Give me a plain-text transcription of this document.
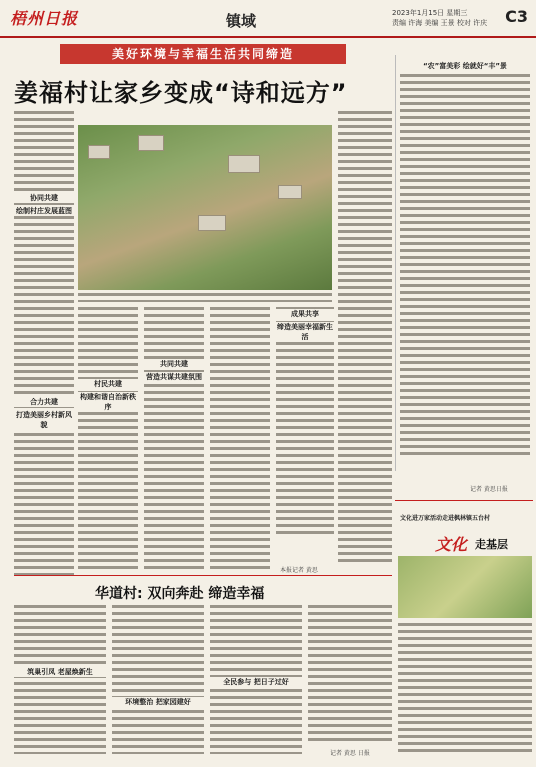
梧州日报	镇域	2023年1月15日 星期三
责编 许海 美编 王景 校对 许庆 C3
美好环境与幸福生活共同缔造
姜福村让家乡变成“诗和远方”
协同共建
绘制村庄发展蓝图
合力共建
打造美丽乡村新风貌
村民共建
构建和谐自治新秩序
共同共建
营造共谋共建氛围
成果共享
缔造美丽幸福新生活
本报记者 黄思
“农”富美彩 绘就好“丰”景
记者 黄思日报
文化进万家活动走进枫林镇五台村
文化 走基层
华道村: 双向奔赴 缔造幸福
筑巢引凤 老屋焕新生
环境整治 把家园建好
全民参与 把日子过好
记者 黄思 日报
